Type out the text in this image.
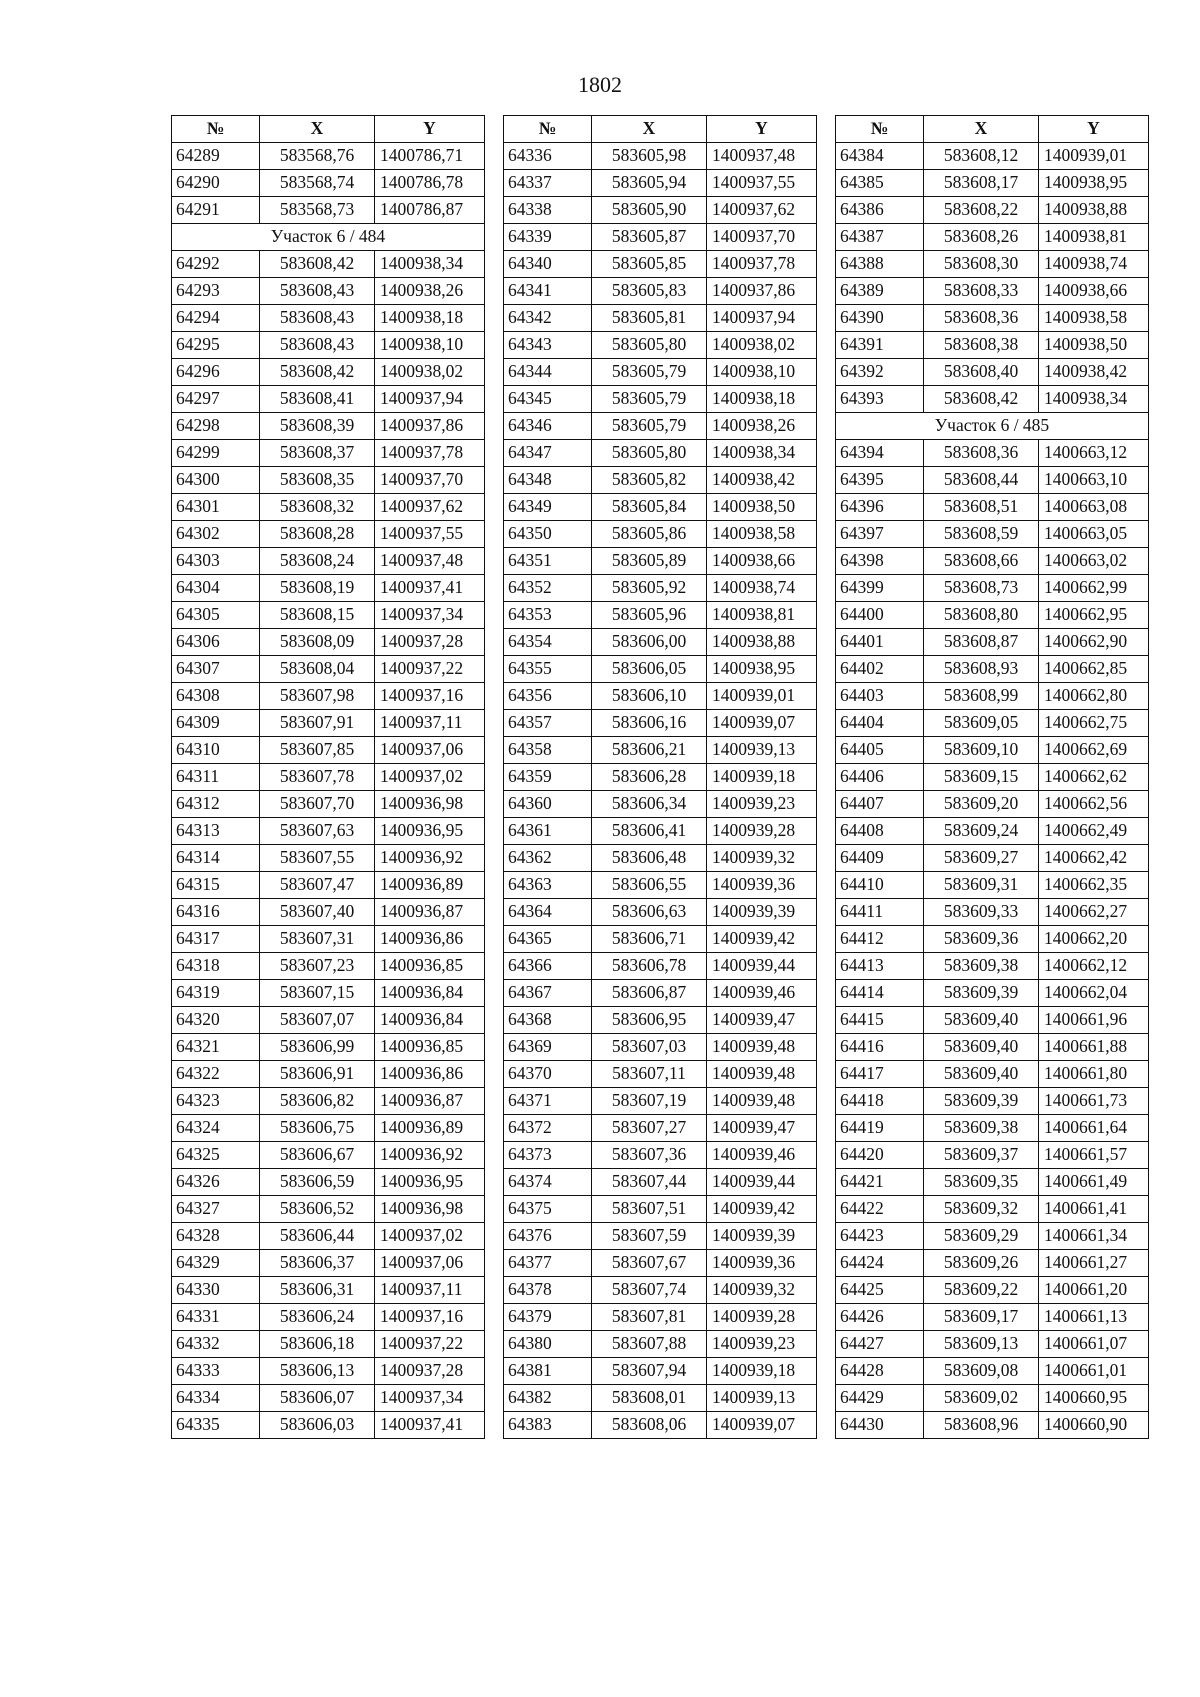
1802
№	X	Y
64289	583568,76	1400786,71
64290	583568,74	1400786,78
64291	583568,73	1400786,87
Участок 6 / 484		
64292	583608,42	1400938,34
64293	583608,43	1400938,26
64294	583608,43	1400938,18
64295	583608,43	1400938,10
64296	583608,42	1400938,02
64297	583608,41	1400937,94
64298	583608,39	1400937,86
64299	583608,37	1400937,78
64300	583608,35	1400937,70
64301	583608,32	1400937,62
64302	583608,28	1400937,55
64303	583608,24	1400937,48
64304	583608,19	1400937,41
64305	583608,15	1400937,34
64306	583608,09	1400937,28
64307	583608,04	1400937,22
64308	583607,98	1400937,16
64309	583607,91	1400937,11
64310	583607,85	1400937,06
64311	583607,78	1400937,02
64312	583607,70	1400936,98
64313	583607,63	1400936,95
64314	583607,55	1400936,92
64315	583607,47	1400936,89
64316	583607,40	1400936,87
64317	583607,31	1400936,86
64318	583607,23	1400936,85
64319	583607,15	1400936,84
64320	583607,07	1400936,84
64321	583606,99	1400936,85
64322	583606,91	1400936,86
64323	583606,82	1400936,87
64324	583606,75	1400936,89
64325	583606,67	1400936,92
64326	583606,59	1400936,95
64327	583606,52	1400936,98
64328	583606,44	1400937,02
64329	583606,37	1400937,06
64330	583606,31	1400937,11
64331	583606,24	1400937,16
64332	583606,18	1400937,22
64333	583606,13	1400937,28
64334	583606,07	1400937,34
64335	583606,03	1400937,41
№	X	Y
64336	583605,98	1400937,48
64337	583605,94	1400937,55
64338	583605,90	1400937,62
64339	583605,87	1400937,70
64340	583605,85	1400937,78
64341	583605,83	1400937,86
64342	583605,81	1400937,94
64343	583605,80	1400938,02
64344	583605,79	1400938,10
64345	583605,79	1400938,18
64346	583605,79	1400938,26
64347	583605,80	1400938,34
64348	583605,82	1400938,42
64349	583605,84	1400938,50
64350	583605,86	1400938,58
64351	583605,89	1400938,66
64352	583605,92	1400938,74
64353	583605,96	1400938,81
64354	583606,00	1400938,88
64355	583606,05	1400938,95
64356	583606,10	1400939,01
64357	583606,16	1400939,07
64358	583606,21	1400939,13
64359	583606,28	1400939,18
64360	583606,34	1400939,23
64361	583606,41	1400939,28
64362	583606,48	1400939,32
64363	583606,55	1400939,36
64364	583606,63	1400939,39
64365	583606,71	1400939,42
64366	583606,78	1400939,44
64367	583606,87	1400939,46
64368	583606,95	1400939,47
64369	583607,03	1400939,48
64370	583607,11	1400939,48
64371	583607,19	1400939,48
64372	583607,27	1400939,47
64373	583607,36	1400939,46
64374	583607,44	1400939,44
64375	583607,51	1400939,42
64376	583607,59	1400939,39
64377	583607,67	1400939,36
64378	583607,74	1400939,32
64379	583607,81	1400939,28
64380	583607,88	1400939,23
64381	583607,94	1400939,18
64382	583608,01	1400939,13
64383	583608,06	1400939,07
№	X	Y
64384	583608,12	1400939,01
64385	583608,17	1400938,95
64386	583608,22	1400938,88
64387	583608,26	1400938,81
64388	583608,30	1400938,74
64389	583608,33	1400938,66
64390	583608,36	1400938,58
64391	583608,38	1400938,50
64392	583608,40	1400938,42
64393	583608,42	1400938,34
Участок 6 / 485		
64394	583608,36	1400663,12
64395	583608,44	1400663,10
64396	583608,51	1400663,08
64397	583608,59	1400663,05
64398	583608,66	1400663,02
64399	583608,73	1400662,99
64400	583608,80	1400662,95
64401	583608,87	1400662,90
64402	583608,93	1400662,85
64403	583608,99	1400662,80
64404	583609,05	1400662,75
64405	583609,10	1400662,69
64406	583609,15	1400662,62
64407	583609,20	1400662,56
64408	583609,24	1400662,49
64409	583609,27	1400662,42
64410	583609,31	1400662,35
64411	583609,33	1400662,27
64412	583609,36	1400662,20
64413	583609,38	1400662,12
64414	583609,39	1400662,04
64415	583609,40	1400661,96
64416	583609,40	1400661,88
64417	583609,40	1400661,80
64418	583609,39	1400661,73
64419	583609,38	1400661,64
64420	583609,37	1400661,57
64421	583609,35	1400661,49
64422	583609,32	1400661,41
64423	583609,29	1400661,34
64424	583609,26	1400661,27
64425	583609,22	1400661,20
64426	583609,17	1400661,13
64427	583609,13	1400661,07
64428	583609,08	1400661,01
64429	583609,02	1400660,95
64430	583608,96	1400660,90
